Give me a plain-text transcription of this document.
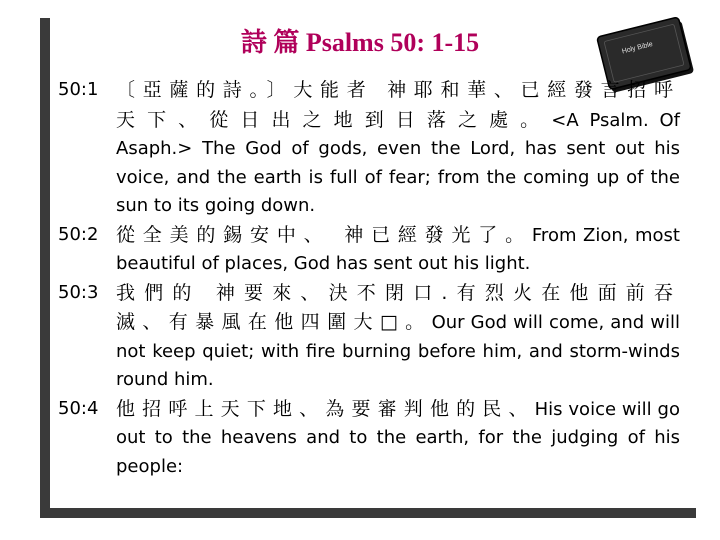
詩 篇 Psalms 50: 1-15	Holy Bible
50:1 〔亞薩的詩。〕大能者 神耶和華、已經發言招呼天下、從日出之地到日落之處。<A Psalm. Of Asaph.> The God of gods, even the Lord, has sent out his voice, and the earth is full of fear; from the coming up of the sun to its going down.
50:2 從全美的錫安中、 神已經發光了。From Zion, most beautiful of places, God has sent out his light.
50:3 我們的 神要來、決不閉口.有烈火在他面前吞滅、有暴風在他四圍大□。Our God will come, and will not keep quiet; with fire burning before him, and storm-winds round him.
50:4 他招呼上天下地、為要審判他的民、His voice will go out to the heavens and to the earth, for the judging of his people:
